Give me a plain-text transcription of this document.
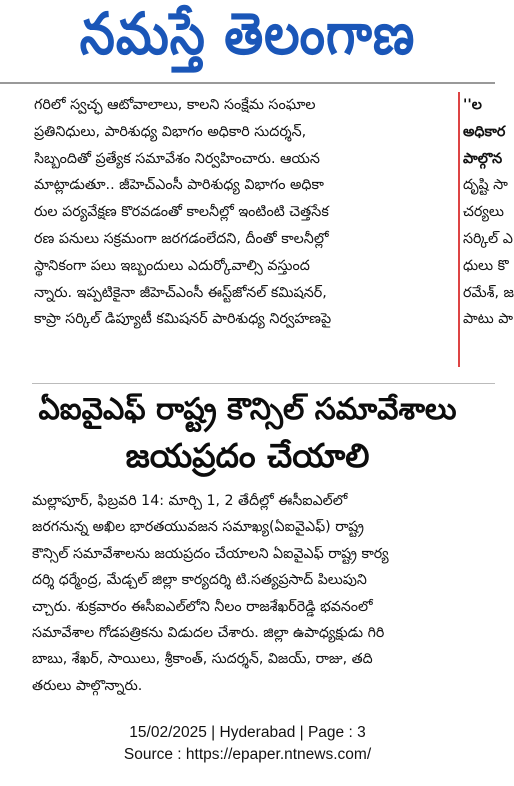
నమస్తే తెలంగాణ
గరిలో స్వచ్ఛ ఆటోవాలాలు, కాలని సంక్షేమ సంఘాల
ప్రతినిధులు, పారిశుధ్య విభాగం అధికారి సుదర్శన్,
సిబ్బందితో ప్రత్యేక సమావేశం నిర్వహించారు. ఆయన
మాట్లాడుతూ.. జీహెచ్ఎంసీ పారిశుధ్య విభాగం అధికా
రుల పర్యవేక్షణ కొరవడంతో కాలనీల్లో ఇంటింటి చెత్తసేక
రణ పనులు సక్రమంగా జరగడంలేదని, దీంతో కాలనీల్లో
స్థానికంగా పలు ఇబ్బందులు ఎదుర్కోవాల్సి వస్తుంద
న్నారు. ఇప్పటికైనా జీహెచ్ఎంసీ ఈస్ట్‌జోనల్ కమిషనర్,
కాప్రా సర్కిల్ డిప్యూటీ కమిషనర్ పారిశుధ్య నిర్వహణపై
''ల
అధికార
పాల్గొన
దృష్టి సా
చర్యలు
సర్కిల్ ఎ
ధులు కొ
రమేశ్, జ
పాటు పా
ఏఐవైఎఫ్ రాష్ట్ర కౌన్సిల్ సమావేశాలు
జయప్రదం చేయాలి
మల్లాపూర్, ఫిబ్రవరి 14: మార్చి 1, 2 తేదీల్లో ఈసీఐఎల్‌లో
జరగనున్న అఖిల భారతయువజన సమాఖ్య(ఏఐవైఎఫ్) రాష్ట్ర
కౌన్సిల్ సమావేశాలను జయప్రదం చేయాలని ఏఐవైఎఫ్ రాష్ట్ర కార్య
దర్శి ధర్మేంద్ర, మేడ్చల్ జిల్లా కార్యదర్శి టి.సత్యప్రసాద్ పిలుపుని
చ్చారు. శుక్రవారం ఈసీఐఎల్‌లోని నీలం రాజశేఖర్‌రెడ్డి భవనంలో
సమావేశాల గోడపత్రికను విడుదల చేశారు. జిల్లా ఉపాధ్యక్షుడు గిరి
బాబు, శేఖర్, సాయిలు, శ్రీకాంత్, సుదర్శన్, విజయ్, రాజు, తది
తరులు పాల్గొన్నారు.
15/02/2025 | Hyderabad | Page : 3
Source : https://epaper.ntnews.com/
